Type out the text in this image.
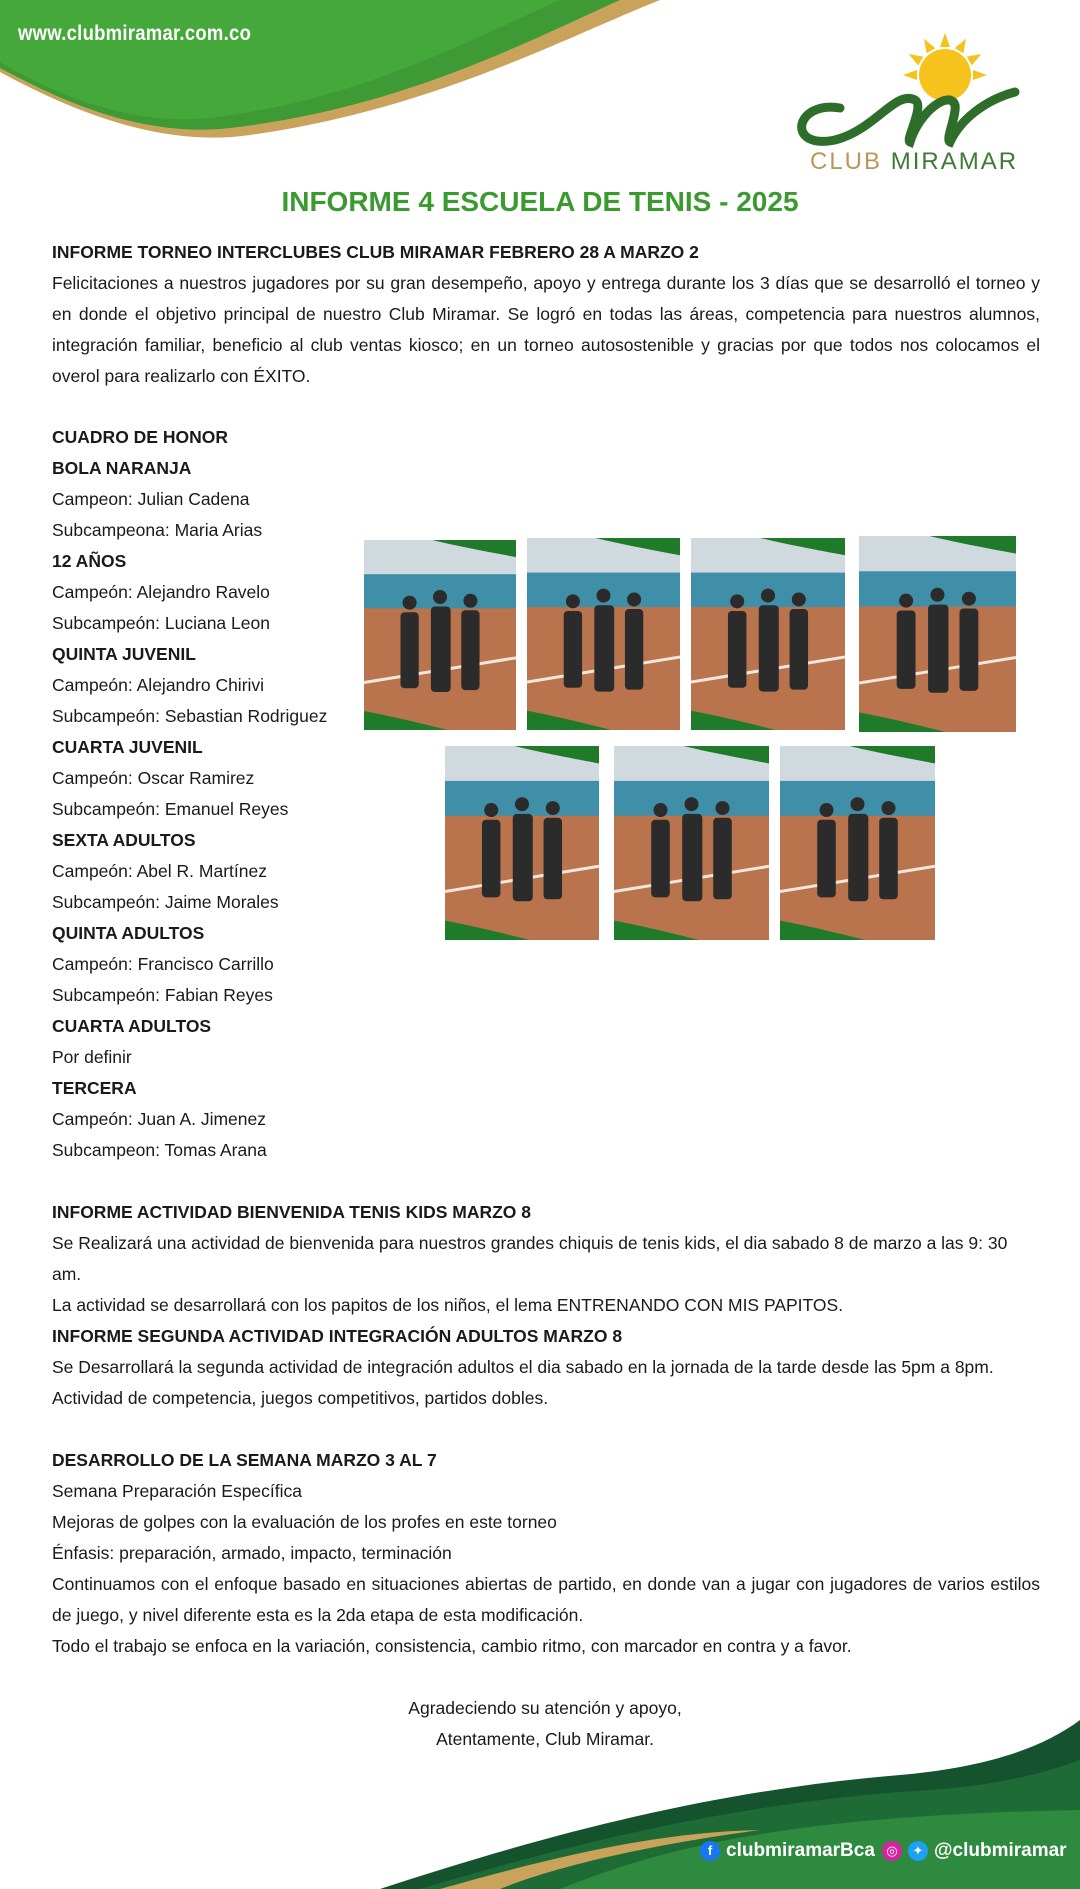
www.clubmiramar.com.co
CLUB MIRAMAR
INFORME 4 ESCUELA DE TENIS - 2025

INFORME TORNEO INTERCLUBES CLUB MIRAMAR FEBRERO 28 A MARZO 2

Felicitaciones a nuestros jugadores por su gran desempeño, apoyo y entrega durante los 3 días que se desarrolló el torneo y en donde el objetivo principal de nuestro Club Miramar. Se logró en todas las áreas, competencia para nuestros alumnos, integración familiar, beneficio al club ventas kiosco; en un torneo autosostenible y gracias por que todos nos colocamos el overol para realizarlo con ÉXITO.

CUADRO DE HONOR

BOLA NARANJA

Campeon: Julian Cadena

Subcampeona: Maria Arias

12 AÑOS

Campeón: Alejandro Ravelo

Subcampeón: Luciana Leon

QUINTA JUVENIL

Campeón: Alejandro Chirivi

Subcampeón: Sebastian Rodriguez

CUARTA JUVENIL

Campeón: Oscar Ramirez

Subcampeón: Emanuel Reyes

SEXTA ADULTOS

Campeón: Abel R. Martínez

Subcampeón: Jaime Morales

QUINTA ADULTOS

Campeón: Francisco Carrillo

Subcampeón: Fabian Reyes

CUARTA ADULTOS

Por definir

TERCERA

Campeón: Juan A. Jimenez

Subcampeon: Tomas Arana

INFORME ACTIVIDAD BIENVENIDA TENIS KIDS MARZO 8

Se Realizará una actividad de bienvenida para nuestros grandes chiquis de tenis kids, el dia sabado 8 de marzo a las 9: 30 am.

La actividad se desarrollará con los papitos de los niños, el lema ENTRENANDO CON MIS PAPITOS.

INFORME SEGUNDA ACTIVIDAD INTEGRACIÓN ADULTOS MARZO 8

Se Desarrollará la segunda actividad de integración adultos el dia sabado en la jornada de la tarde desde las 5pm a 8pm.

Actividad de competencia, juegos competitivos, partidos dobles.

DESARROLLO DE LA SEMANA MARZO 3 AL 7

Semana Preparación Específica

Mejoras de golpes con la evaluación de los profes en este torneo

Énfasis: preparación, armado, impacto, terminación

Continuamos con el enfoque basado en situaciones abiertas de partido, en donde van a jugar con jugadores de varios estilos de juego, y nivel diferente esta es la 2da etapa de esta modificación.

Todo el trabajo se enfoca en la variación, consistencia, cambio ritmo, con marcador en contra y a favor.

Agradeciendo su atención y apoyo,
Atentamente, Club Miramar.
f clubmiramarBca ◎	✦ @clubmiramar
